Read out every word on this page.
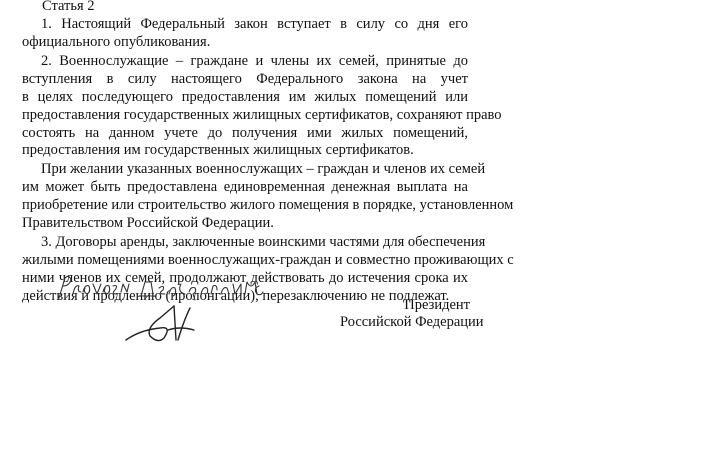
Статья 2
1. Настоящий Федеральный закон вступает в силу со дня его
официального опубликования.
2. Военнослужащие – граждане и члены их семей, принятые до
вступления в силу настоящего Федерального закона на учет
в целях последующего предоставления им жилых помещений или
предоставления государственных жилищных сертификатов, сохраняют право
состоять на данном учете до получения ими жилых помещений,
предоставления им государственных жилищных сертификатов.
При желании указанных военнослужащих – граждан и членов их семей
им может быть предоставлена единовременная денежная выплата на
приобретение или строительство жилого помещения в порядке, установленном
Правительством Российской Федерации.
3. Договоры аренды, заключенные воинскими частями для обеспечения
жилыми помещениями военнослужащих-граждан и совместно проживающих с
ними членов их семей, продолжают действовать до истечения срока их
действия и продлению (пролонгации), перезаключению не подлежат.
Президент
Российской Федерации
